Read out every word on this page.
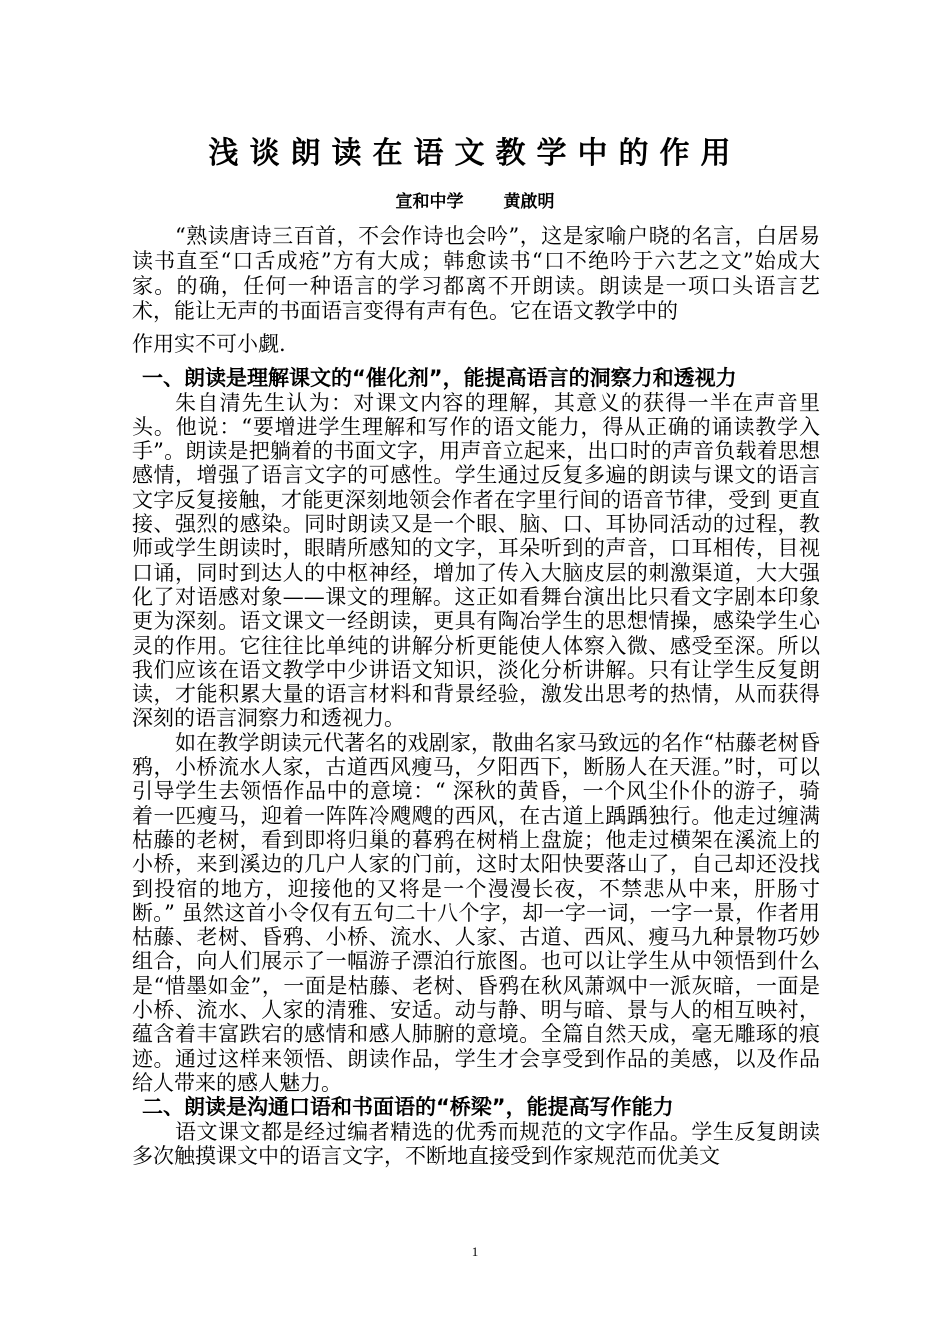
浅谈朗读在语文教学中的作用
宣和中学 黄啟明

“熟读唐诗三百首，不会作诗也会吟”，这是家喻户晓的名言，白居易读书直至“口舌成疮”方有大成；韩愈读书“口不绝吟于六艺之文”始成大家。的确，任何一种语言的学习都离不开朗读。朗读是一项口头语言艺术，能让无声的书面语言变得有声有色。它在语文教学中的

作用实不可小觑.

一、朗读是理解课文的“催化剂”，能提高语言的洞察力和透视力

朱自清先生认为：对课文内容的理解，其意义的获得一半在声音里头。他说：“要增进学生理解和写作的语文能力，得从正确的诵读教学入手”。朗读是把躺着的书面文字，用声音立起来，出口时的声音负载着思想感情，增强了语言文字的可感性。学生通过反复多遍的朗读与课文的语言文字反复接触，才能更深刻地领会作者在字里行间的语音节律，受到 更直接、强烈的感染。同时朗读又是一个眼、脑、口、耳协同活动的过程，教师或学生朗读时，眼睛所感知的文字，耳朵听到的声音，口耳相传，目视口诵，同时到达人的中枢神经，增加了传入大脑皮层的刺激渠道，大大强化了对语感对象——课文的理解。这正如看舞台演出比只看文字剧本印象更为深刻。语文课文一经朗读，更具有陶冶学生的思想情操，感染学生心灵的作用。它往往比单纯的讲解分析更能使人体察入微、感受至深。所以我们应该在语文教学中少讲语文知识，淡化分析讲解。只有让学生反复朗读，才能积累大量的语言材料和背景经验，激发出思考的热情，从而获得深刻的语言洞察力和透视力。

如在教学朗读元代著名的戏剧家，散曲名家马致远的名作“枯藤老树昏鸦，小桥流水人家，古道西风瘦马，夕阳西下，断肠人在天涯。”时，可以引导学生去领悟作品中的意境：“ 深秋的黄昏，一个风尘仆仆的游子，骑着一匹瘦马，迎着一阵阵冷飕飕的西风，在古道上踽踽独行。他走过缠满枯藤的老树，看到即将归巢的暮鸦在树梢上盘旋；他走过横架在溪流上的小桥，来到溪边的几户人家的门前，这时太阳快要落山了，自己却还没找到投宿的地方，迎接他的又将是一个漫漫长夜，不禁悲从中来，肝肠寸断。” 虽然这首小令仅有五句二十八个字，却一字一词，一字一景，作者用枯藤、老树、昏鸦、小桥、流水、人家、古道、西风、瘦马九种景物巧妙组合，向人们展示了一幅游子漂泊行旅图。也可以让学生从中领悟到什么是“惜墨如金”，一面是枯藤、老树、昏鸦在秋风萧飒中一派灰暗，一面是小桥、流水、人家的清雅、安适。动与静、明与暗、景与人的相互映衬，蕴含着丰富跌宕的感情和感人肺腑的意境。全篇自然天成，毫无雕琢的痕迹。通过这样来领悟、朗读作品，学生才会享受到作品的美感，以及作品给人带来的感人魅力。

二、朗读是沟通口语和书面语的“桥梁”，能提高写作能力

语文课文都是经过编者精选的优秀而规范的文字作品。学生反复朗读多次触摸课文中的语言文字，不断地直接受到作家规范而优美文

1
